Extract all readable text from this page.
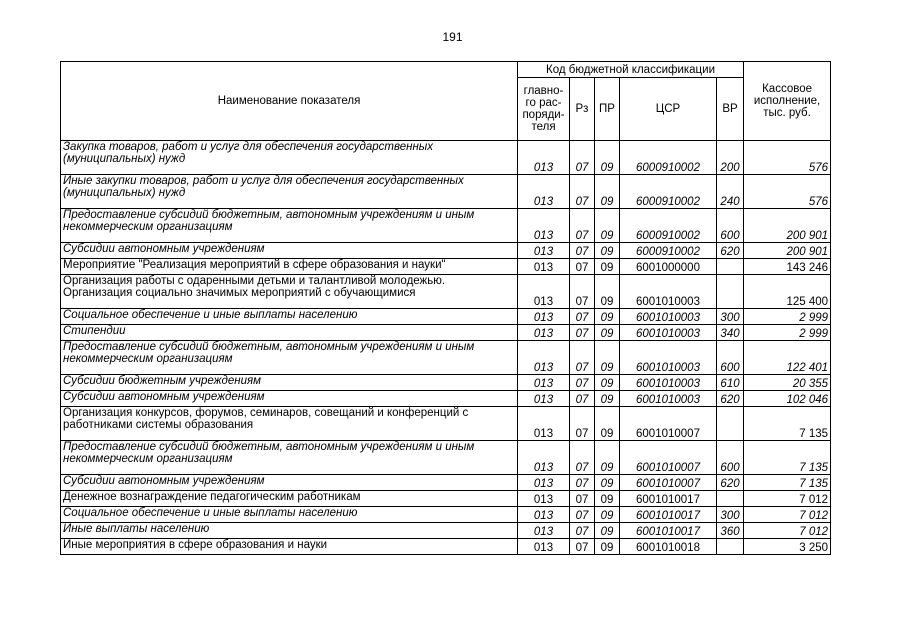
191
Наименование показателя	Код бюджетной классификации					Кассовое исполнение, тыс. руб.
	главно-го рас-поряди-теля	Рз	ПР	ЦСР	ВР	
Закупка товаров, работ и услуг для обеспечения государственных (муниципальных) нужд	013	07	09	6000910002	200	576
Иные закупки товаров, работ и услуг для обеспечения государственных (муниципальных) нужд	013	07	09	6000910002	240	576
Предоставление субсидий бюджетным, автономным учреждениям и иным некоммерческим организациям	013	07	09	6000910002	600	200 901
Субсидии автономным учреждениям	013	07	09	6000910002	620	200 901
Мероприятие "Реализация мероприятий в сфере образования и науки"	013	07	09	6001000000		143 246
Организация работы с одаренными детьми и талантливой молодежью. Организация социально значимых мероприятий с обучающимися	013	07	09	6001010003		125 400
Социальное обеспечение и иные выплаты населению	013	07	09	6001010003	300	2 999
Стипендии	013	07	09	6001010003	340	2 999
Предоставление субсидий бюджетным, автономным учреждениям и иным некоммерческим организациям	013	07	09	6001010003	600	122 401
Субсидии бюджетным учреждениям	013	07	09	6001010003	610	20 355
Субсидии автономным учреждениям	013	07	09	6001010003	620	102 046
Организация конкурсов, форумов, семинаров, совещаний и конференций с работниками системы образования	013	07	09	6001010007		7 135
Предоставление субсидий бюджетным, автономным учреждениям и иным некоммерческим организациям	013	07	09	6001010007	600	7 135
Субсидии автономным учреждениям	013	07	09	6001010007	620	7 135
Денежное вознаграждение педагогическим работникам	013	07	09	6001010017		7 012
Социальное обеспечение и иные выплаты населению	013	07	09	6001010017	300	7 012
Иные выплаты населению	013	07	09	6001010017	360	7 012
Иные мероприятия в сфере образования и науки	013	07	09	6001010018		3 250
